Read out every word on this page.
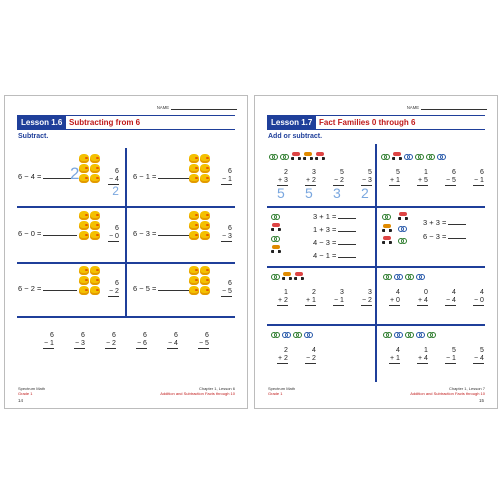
NAME
Lesson 1.6 Subtracting from 6
Subtract.
6 − 4 = 2	6
− 4
2
6 − 1 =
6
− 1
6 − 0 =
6
− 0 6 − 3 =
6
− 3
6 − 2 =
6
− 2 6 − 5 =
6
− 5
6
− 1
6
− 3
6
− 2
6
− 6
6
− 4
6
− 5
Spectrum Math
Grade 1
Chapter 1, Lesson 6
Addition and Subtraction Facts through 10
14
NAME
Lesson 1.7 Fact Families 0 through 6
Add or subtract.
2
+ 3
3
+ 2
5
− 2
5
− 3
5 5 3 2
5
+ 1
1
+ 5
6
− 5
6
− 1
3 + 1 =
1 + 3 =
4 − 3 =
4 − 1 =
3 + 3 =
6 − 3 =
1
+ 2
2
+ 1
3
− 1
3
− 2
4
+ 0
0
+ 4
4
− 4
4
− 0
2
+ 2
4
− 2
4
+ 1
1
+ 4
5
− 1
5
− 4
Spectrum Math
Grade 1
Chapter 1, Lesson 7
Addition and Subtraction Facts through 10
15
